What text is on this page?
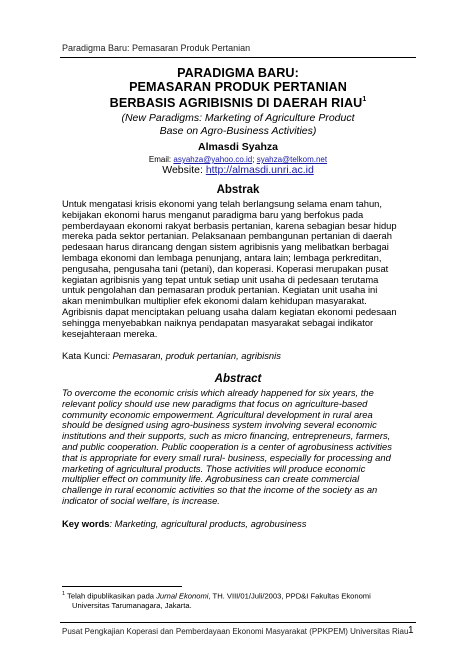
Paradigma Baru: Pemasaran Produk Pertanian
PARADIGMA BARU:
PEMASARAN PRODUK PERTANIAN
BERBASIS AGRIBISNIS DI DAERAH RIAU$^1$
(New Paradigms: Marketing of Agriculture Product
Base on Agro-Business Activities)
Almasdi Syahza
Email: asyahza@yahoo.co.id; syahza@telkom.net
Website: http://almasdi.unri.ac.id
Abstrak
Untuk mengatasi krisis ekonomi yang telah berlangsung selama enam tahun,
kebijakan ekonomi harus menganut paradigma baru yang berfokus pada
pemberdayaan ekonomi rakyat berbasis pertanian, karena sebagian besar hidup
mereka pada sektor pertanian. Pelaksanaan pembangunan pertanian di daerah
pedesaan harus dirancang dengan sistem agribisnis yang melibatkan berbagai
lembaga ekonomi dan lembaga penunjang, antara lain; lembaga perkreditan,
pengusaha, pengusaha tani (petani), dan koperasi. Koperasi merupakan pusat
kegiatan agribisnis yang tepat untuk setiap unit usaha di pedesaan terutama
untuk pengolahan dan pemasaran produk pertanian. Kegiatan unit usaha ini
akan menimbulkan multiplier efek ekonomi dalam kehidupan masyarakat.
Agribisnis dapat menciptakan peluang usaha dalam kegiatan ekonomi pedesaan
sehingga menyebabkan naiknya pendapatan masyarakat sebagai indikator
kesejahteraan mereka.
Kata Kunci: Pemasaran, produk pertanian, agribisnis
Abstract
To overcome the economic crisis which already happened for six years, the
relevant policy should use new paradigms that focus on agriculture-based
community economic empowerment. Agricultural development in rural area
should be designed using agro-business system involving several economic
institutions and their supports, such as micro financing, entrepreneurs, farmers,
and public cooperation. Public cooperation is a center of agrobusiness activities
that is appropriate for every small rural- business, especially for processing and
marketing of agricultural products. Those activities will produce economic
multiplier effect on community life. Agrobusiness can create commercial
challenge in rural economic activities so that the income of the society as an
indicator of social welfare, is increase.
Key words: Marketing, agricultural products, agrobusiness
$^1$ Telah dipublikasikan pada Jurnal Ekonomi, TH. VIII/01/Juli/2003, PPD&I Fakultas Ekonomi
Universitas Tarumanagara, Jakarta.
Pusat Pengkajian Koperasi dan Pemberdayaan Ekonomi Masyarakat (PPKPEM) Universitas Riau 1
